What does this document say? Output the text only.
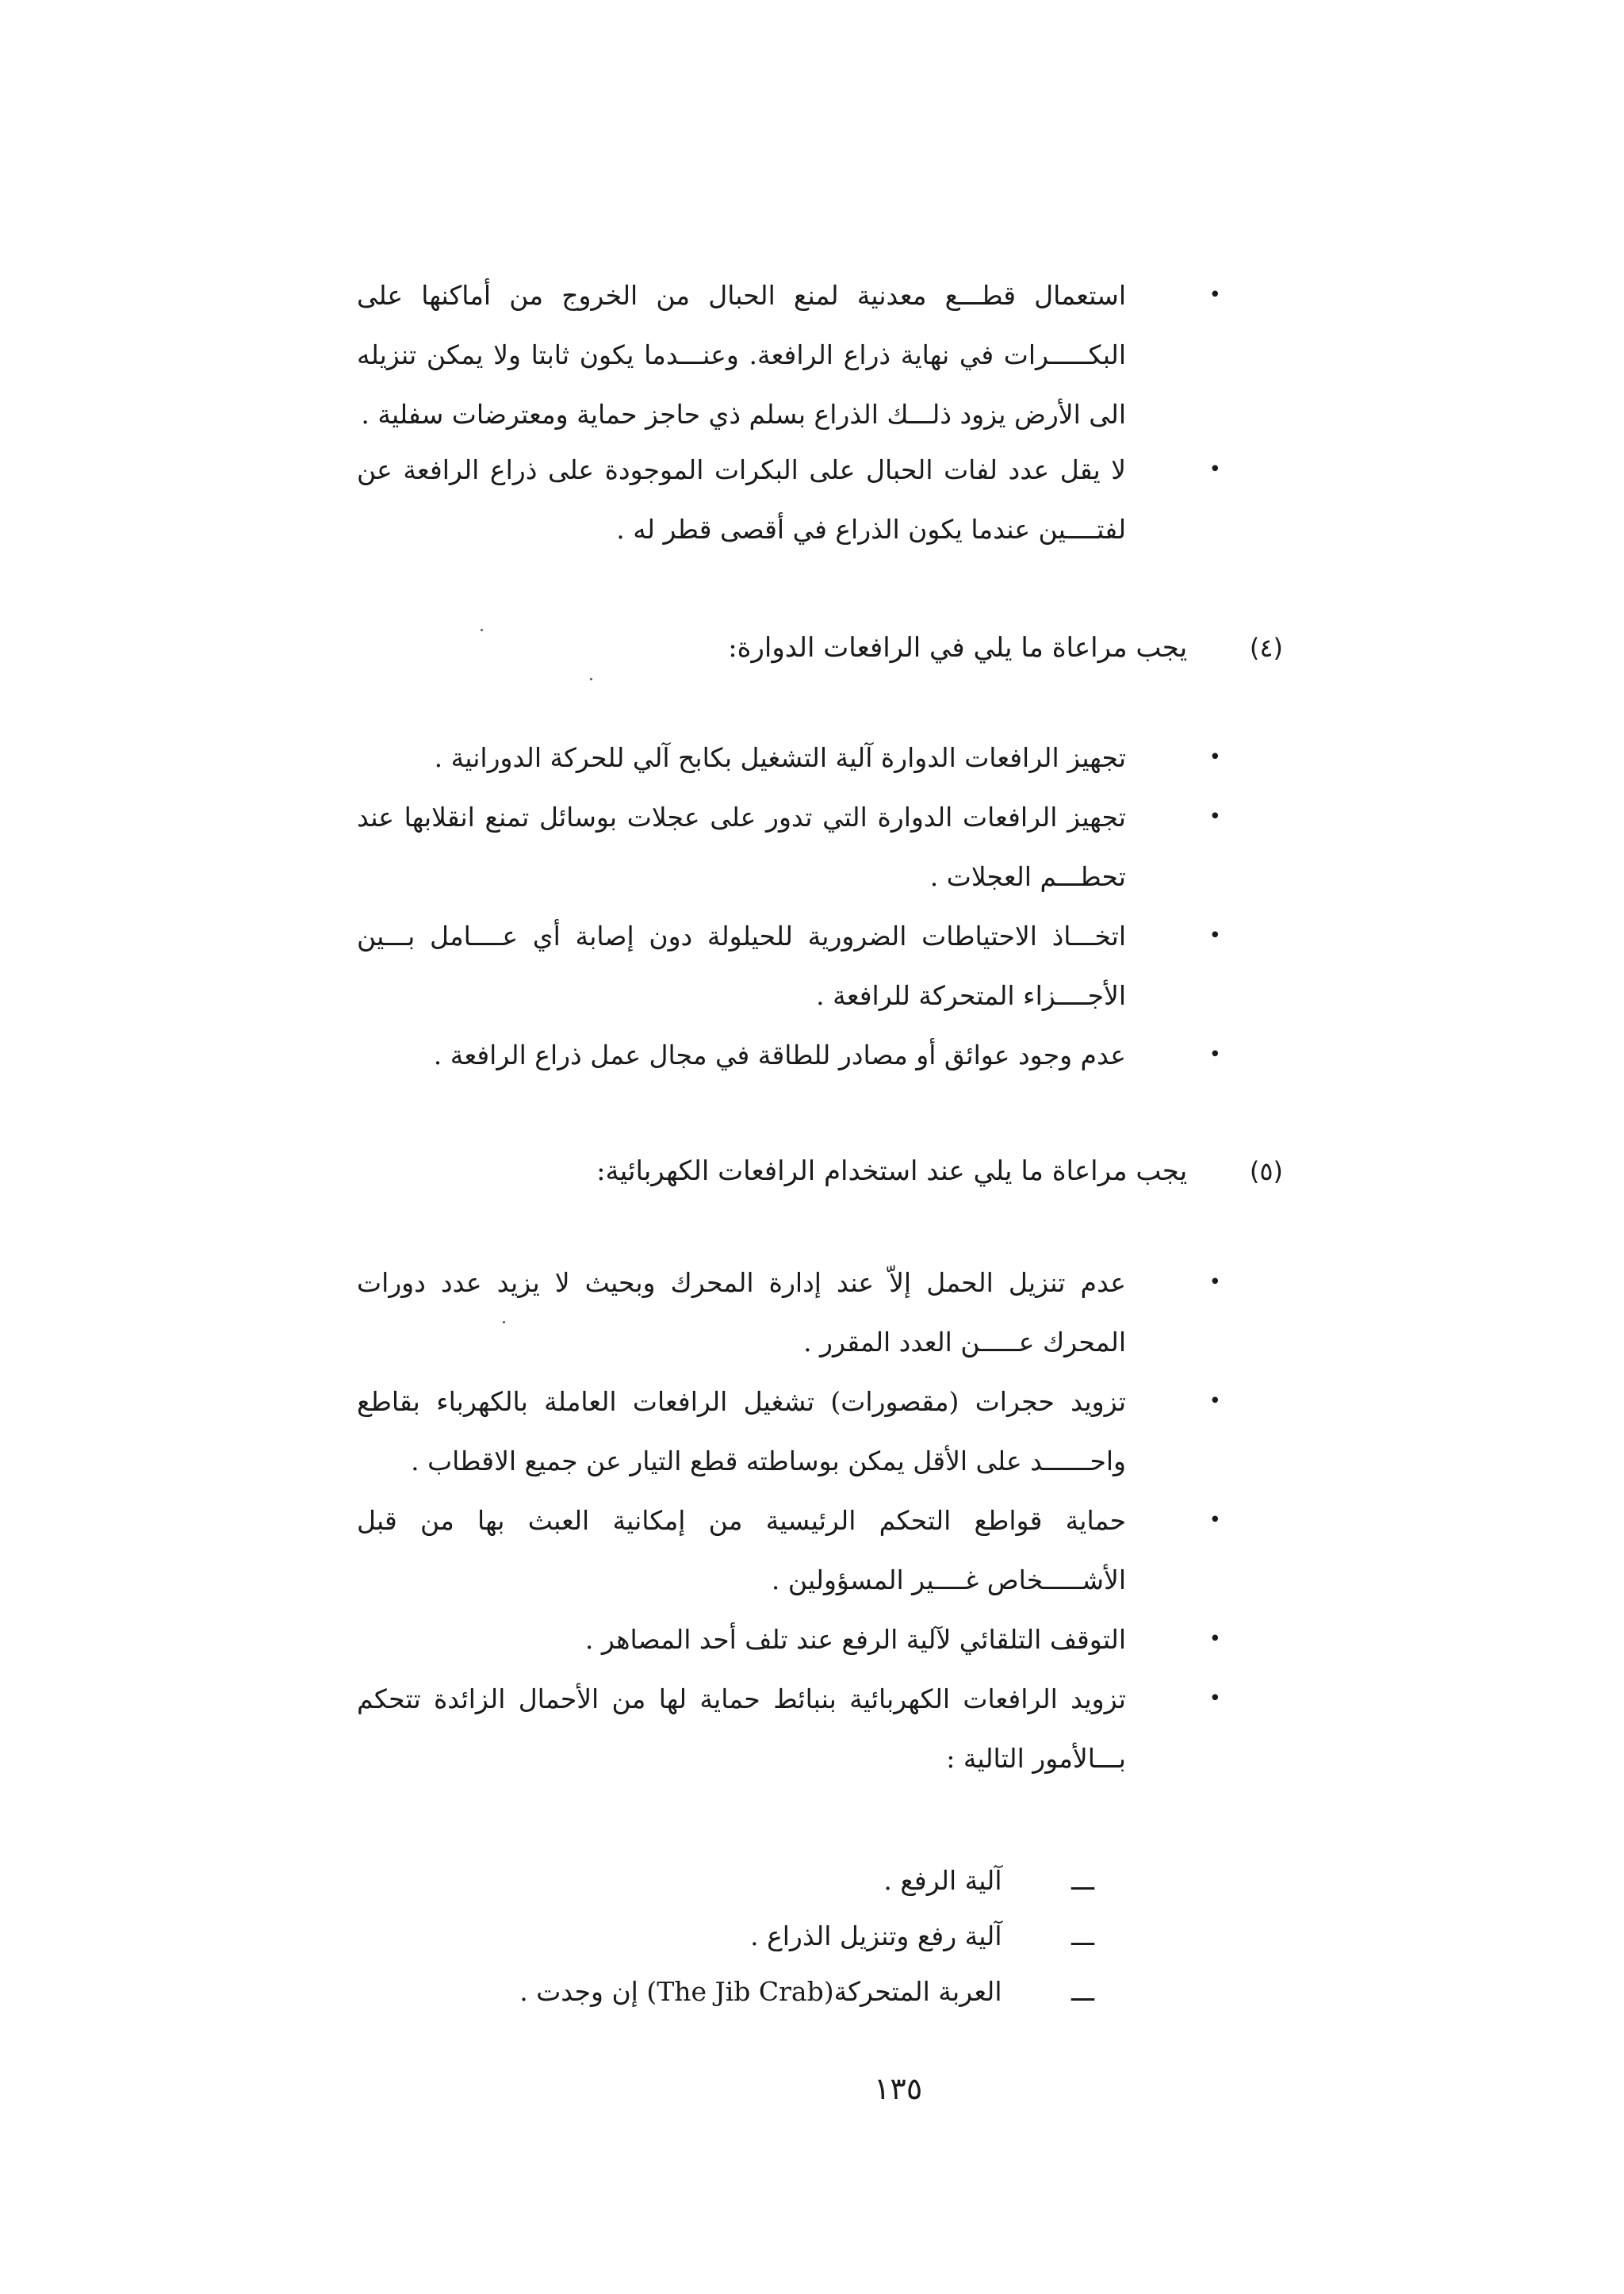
•
استعمال قطـــع معدنية لمنع الحبال من الخروج من أماكنها على البكـــــرات في نهاية ذراع الرافعة. وعنـــدما يكون ثابتا ولا يمكن تنزيله الى الأرض يزود ذلـــك الذراع بسلم ذي حاجز حماية ومعترضات سفلية .
•
لا يقل عدد لفات الحبال على البكرات الموجودة على ذراع الرافعة عن لفتــــين عندما يكون الذراع في أقصى قطر له .
(٤) يجب مراعاة ما يلي في الرافعات الدوارة:
•
تجهيز الرافعات الدوارة آلية التشغيل بكابح آلي للحركة الدورانية .
•
تجهيز الرافعات الدوارة التي تدور على عجلات بوسائل تمنع انقلابها عند تحطـــم العجلات .
•
اتخـــاذ الاحتياطات الضرورية للحيلولة دون إصابة أي عــــامل بـــين الأجــــزاء المتحركة للرافعة .
•
عدم وجود عوائق أو مصادر للطاقة في مجال عمل ذراع الرافعة .
(٥) يجب مراعاة ما يلي عند استخدام الرافعات الكهربائية:
•
عدم تنزيل الحمل إلاّ عند إدارة المحرك وبحيث لا يزيد عدد دورات المحرك عـــــن العدد المقرر .
•
تزويد حجرات (مقصورات) تشغيل الرافعات العاملة بالكهرباء بقاطع واحــــــد على الأقل يمكن بوساطته قطع التيار عن جميع الاقطاب .
•
حماية قواطع التحكم الرئيسية من إمكانية العبث بها من قبل الأشـــــخاص غــــير المسؤولين .
•
التوقف التلقائي لآلية الرفع عند تلف أحد المصاهر .
•
تزويد الرافعات الكهربائية بنبائط حماية لها من الأحمال الزائدة تتحكم بـــالأمور التالية :
ـــ آلية الرفع .
ـــ آلية رفع وتنزيل الذراع .
ـــ العربة المتحركة(The Jib Crab) إن وجدت .
١٣٥
